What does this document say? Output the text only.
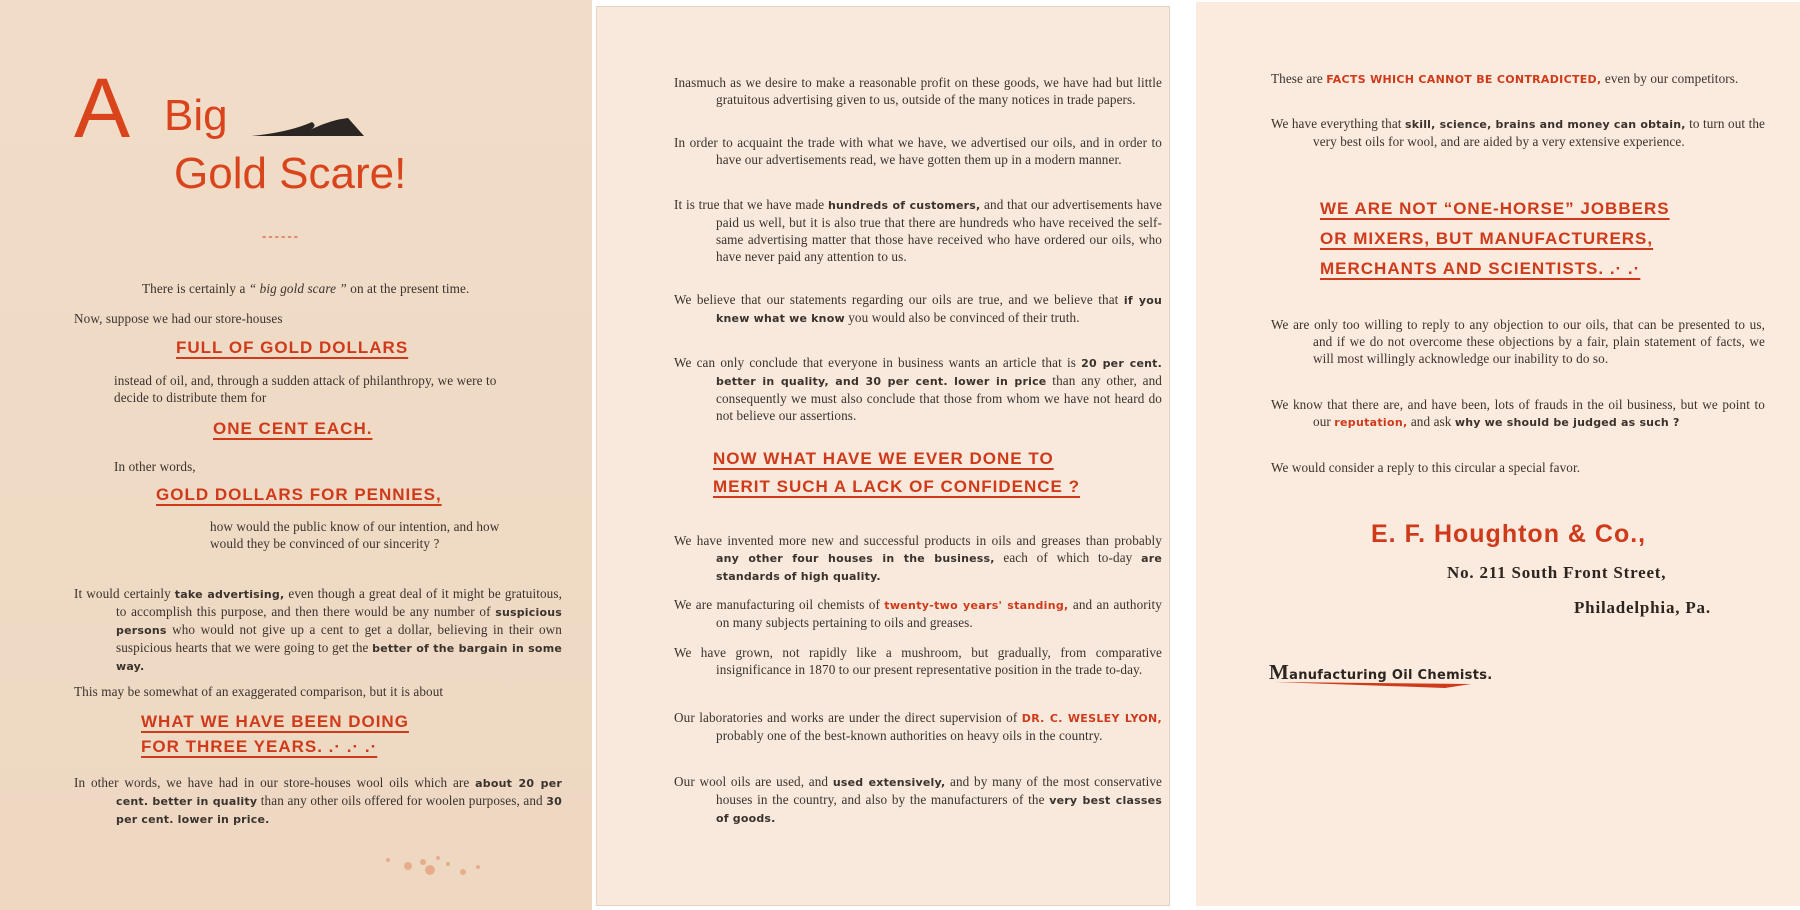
A Big
Gold Scare!
------
There is certainly a “ big gold scare ” on at the present time.
Now, suppose we had our store-houses
FULL OF GOLD DOLLARS
instead of oil, and, through a sudden attack of philanthropy, we were to decide to distribute them for
ONE CENT EACH.
In other words,
GOLD DOLLARS FOR PENNIES,
how would the public know of our intention, and how would they be convinced of our sincerity ?
It would certainly take advertising, even though a great deal of it might be gratuitous, to accomplish this purpose, and then there would be any number of suspicious persons who would not give up a cent to get a dollar, believing in their own suspicious hearts that we were going to get the better of the bargain in some way.
This may be somewhat of an exaggerated comparison, but it is about
WHAT WE HAVE BEEN DOING
FOR THREE YEARS. .· .· .·
In other words, we have had in our store-houses wool oils which are about 20 per cent. better in quality than any other oils offered for woolen purposes, and 30 per cent. lower in price.
Inasmuch as we desire to make a reasonable profit on these goods, we have had but little gratuitous advertising given to us, outside of the many notices in trade papers.
In order to acquaint the trade with what we have, we advertised our oils, and in order to have our advertisements read, we have gotten them up in a modern manner.
It is true that we have made hundreds of customers, and that our advertisements have paid us well, but it is also true that there are hundreds who have received the self-same advertising matter that those have received who have ordered our oils, who have never paid any attention to us.
We believe that our statements regarding our oils are true, and we believe that if you knew what we know you would also be convinced of their truth.
We can only conclude that everyone in business wants an article that is 20 per cent. better in quality, and 30 per cent. lower in price than any other, and consequently we must also conclude that those from whom we have not heard do not believe our assertions.
NOW WHAT HAVE WE EVER DONE TO
MERIT SUCH A LACK OF CONFIDENCE ?
We have invented more new and successful products in oils and greases than probably any other four houses in the business, each of which to-day are standards of high quality.
We are manufacturing oil chemists of twenty-two years' standing, and an authority on many subjects pertaining to oils and greases.
We have grown, not rapidly like a mushroom, but gradually, from comparative insignificance in 1870 to our present representative position in the trade to-day.
Our laboratories and works are under the direct supervision of DR. C. WESLEY LYON, probably one of the best-known authorities on heavy oils in the country.
Our wool oils are used, and used extensively, and by many of the most conservative houses in the country, and also by the manufacturers of the very best classes of goods.
These are FACTS WHICH CANNOT BE CONTRADICTED, even by our competitors.
We have everything that skill, science, brains and money can obtain, to turn out the very best oils for wool, and are aided by a very extensive experience.
WE ARE NOT “ONE-HORSE” JOBBERS
OR MIXERS, BUT MANUFACTURERS,
MERCHANTS AND SCIENTISTS. .· .·
We are only too willing to reply to any objection to our oils, that can be presented to us, and if we do not overcome these objections by a fair, plain statement of facts, we will most willingly acknowledge our inability to do so.
We know that there are, and have been, lots of frauds in the oil business, but we point to our reputation, and ask why we should be judged as such ?
We would consider a reply to this circular a special favor.
E. F. Houghton & Co.,
No. 211 South Front Street,
Philadelphia, Pa.
Manufacturing Oil Chemists.
